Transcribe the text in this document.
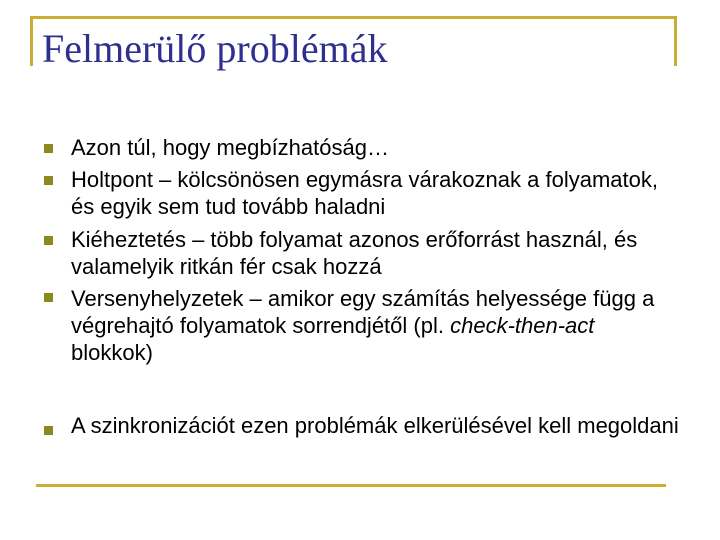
Felmerülő problémák
Azon túl, hogy megbízhatóság…
Holtpont – kölcsönösen egymásra várakoznak a folyamatok, és egyik sem tud tovább haladni
Kiéheztetés – több folyamat azonos erőforrást használ, és valamelyik ritkán fér csak hozzá
Versenyhelyzetek – amikor egy számítás helyessége függ a végrehajtó folyamatok sorrendjétől (pl. check-then-act blokkok)
A szinkronizációt ezen problémák elkerülésével kell megoldani
